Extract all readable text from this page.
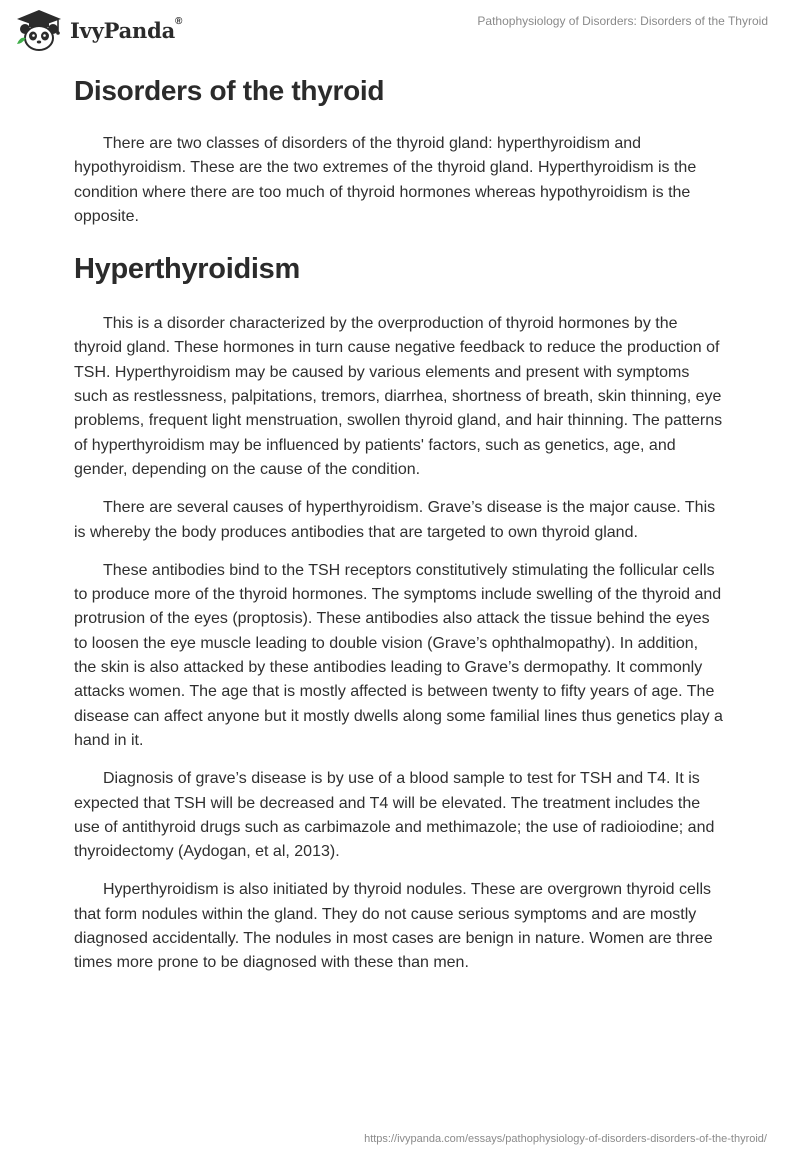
IvyPanda®	Pathophysiology of Disorders: Disorders of the Thyroid
Disorders of the thyroid

There are two classes of disorders of the thyroid gland: hyperthyroidism and hypothyroidism. These are the two extremes of the thyroid gland. Hyperthyroidism is the condition where there are too much of thyroid hormones whereas hypothyroidism is the opposite.

Hyperthyroidism

This is a disorder characterized by the overproduction of thyroid hormones by the thyroid gland. These hormones in turn cause negative feedback to reduce the production of TSH. Hyperthyroidism may be caused by various elements and present with symptoms such as restlessness, palpitations, tremors, diarrhea, shortness of breath, skin thinning, eye problems, frequent light menstruation, swollen thyroid gland, and hair thinning. The patterns of hyperthyroidism may be influenced by patients' factors, such as genetics, age, and gender, depending on the cause of the condition.

There are several causes of hyperthyroidism. Grave’s disease is the major cause. This is whereby the body produces antibodies that are targeted to own thyroid gland.

These antibodies bind to the TSH receptors constitutively stimulating the follicular cells to produce more of the thyroid hormones. The symptoms include swelling of the thyroid and protrusion of the eyes (proptosis). These antibodies also attack the tissue behind the eyes to loosen the eye muscle leading to double vision (Grave’s ophthalmopathy). In addition, the skin is also attacked by these antibodies leading to Grave’s dermopathy. It commonly attacks women. The age that is mostly affected is between twenty to fifty years of age. The disease can affect anyone but it mostly dwells along some familial lines thus genetics play a hand in it.

Diagnosis of grave’s disease is by use of a blood sample to test for TSH and T4. It is expected that TSH will be decreased and T4 will be elevated. The treatment includes the use of antithyroid drugs such as carbimazole and methimazole; the use of radioiodine; and thyroidectomy (Aydogan, et al, 2013).

Hyperthyroidism is also initiated by thyroid nodules. These are overgrown thyroid cells that form nodules within the gland. They do not cause serious symptoms and are mostly diagnosed accidentally. The nodules in most cases are benign in nature. Women are three times more prone to be diagnosed with these than men.

https://ivypanda.com/essays/pathophysiology-of-disorders-disorders-of-the-thyroid/
